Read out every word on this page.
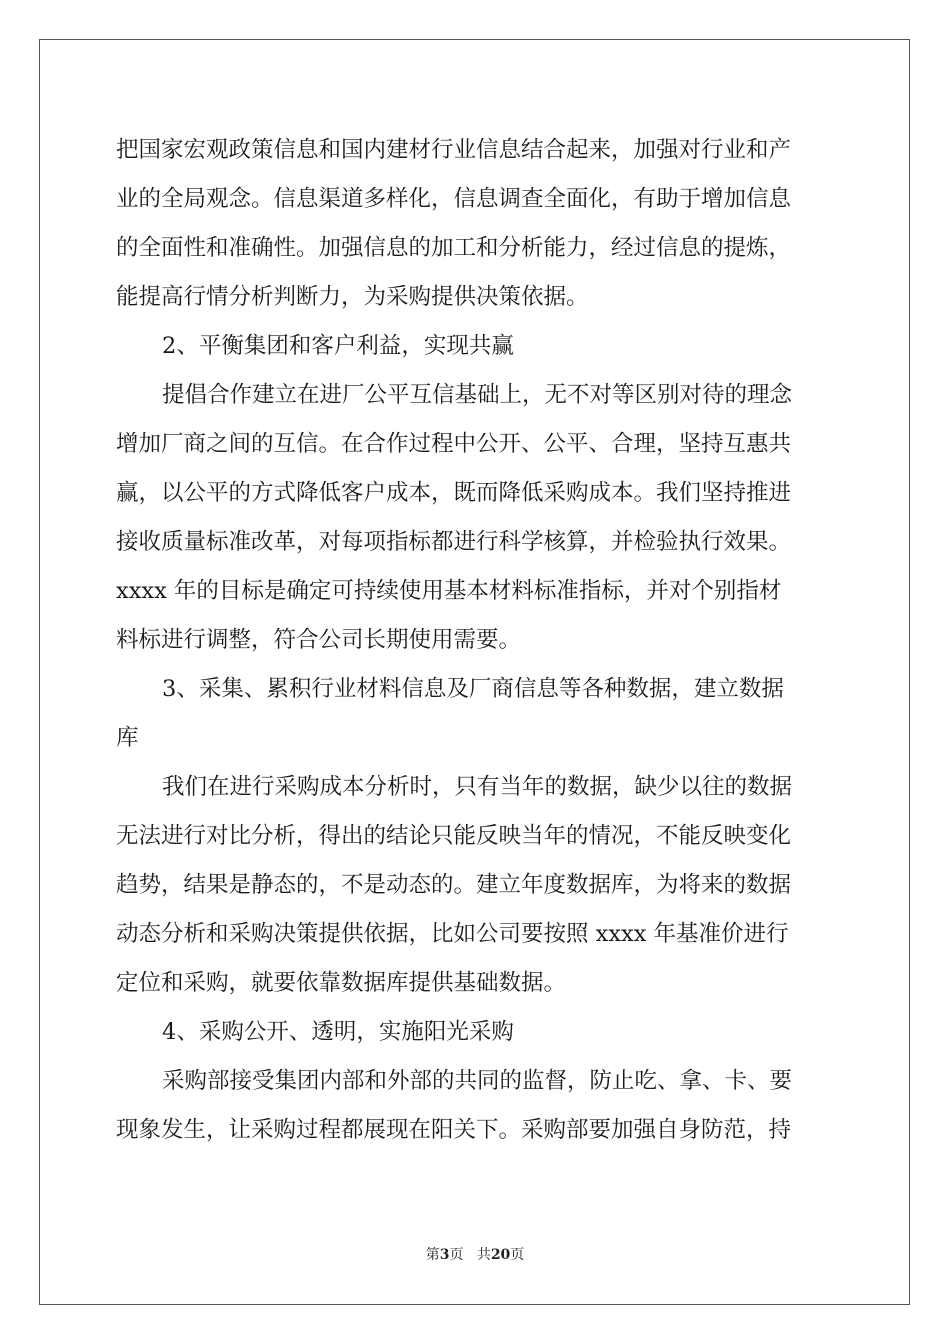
把国家宏观政策信息和国内建材行业信息结合起来，加强对行业和产
业的全局观念。信息渠道多样化，信息调查全面化，有助于增加信息
的全面性和准确性。加强信息的加工和分析能力，经过信息的提炼，
能提高行情分析判断力，为采购提供决策依据。
2、平衡集团和客户利益，实现共赢
提倡合作建立在进厂公平互信基础上，无不对等区别对待的理念
增加厂商之间的互信。在合作过程中公开、公平、合理，坚持互惠共
赢，以公平的方式降低客户成本，既而降低采购成本。我们坚持推进
接收质量标准改革，对每项指标都进行科学核算，并检验执行效果。
xxxx 年的目标是确定可持续使用基本材料标准指标，并对个别指材
料标进行调整，符合公司长期使用需要。
3、采集、累积行业材料信息及厂商信息等各种数据，建立数据
库
我们在进行采购成本分析时，只有当年的数据，缺少以往的数据
无法进行对比分析，得出的结论只能反映当年的情况，不能反映变化
趋势，结果是静态的，不是动态的。建立年度数据库，为将来的数据
动态分析和采购决策提供依据，比如公司要按照 xxxx 年基准价进行
定位和采购，就要依靠数据库提供基础数据。
4、采购公开、透明，实施阳光采购
采购部接受集团内部和外部的共同的监督，防止吃、拿、卡、要
现象发生，让采购过程都展现在阳关下。采购部要加强自身防范，持
第3页 共20页
